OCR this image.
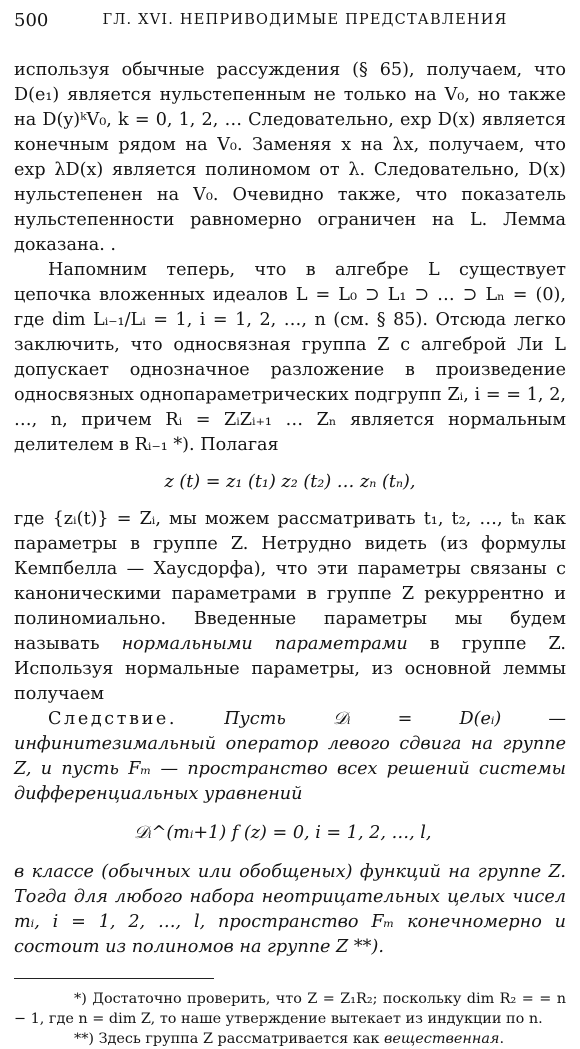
500	ГЛ. XVI. НЕПРИВОДИМЫЕ ПРЕДСТАВЛЕНИЯ

используя обычные рассуждения (§ 65), получаем, что D(e₁) является нульстепенным не только на V₀, но также на D(y)ᵏV₀, k = 0, 1, 2, … Следовательно, exp D(x) является конечным рядом на V₀. Заменяя x на λx, получаем, что exp λD(x) является полиномом от λ. Следовательно, D(x) нульстепенен на V₀. Очевидно также, что показатель нульстепенности равномерно ограничен на L. Лемма доказана. .

Напомним теперь, что в алгебре L существует цепочка вложенных идеалов L = L₀ ⊃ L₁ ⊃ … ⊃ Lₙ = (0), где dim Lᵢ₋₁/Lᵢ = 1, i = 1, 2, …, n (см. § 85). Отсюда легко заключить, что односвязная группа Z с алгеброй Ли L допускает однозначное разложение в произведение односвязных однопараметрических подгрупп Zᵢ, i = = 1, 2, …, n, причем Rᵢ = ZᵢZᵢ₊₁ … Zₙ является нормальным делителем в Rᵢ₋₁ *). Полагая

z (t) = z₁ (t₁) z₂ (t₂) … zₙ (tₙ),

где {zᵢ(t)} = Zᵢ, мы можем рассматривать t₁, t₂, …, tₙ как параметры в группе Z. Нетрудно видеть (из формулы Кемпбелла — Хаусдорфа), что эти параметры связаны с каноническими параметрами в группе Z рекуррентно и полиномиально. Введенные параметры мы будем называть нормальными параметрами в группе Z. Используя нормальные параметры, из основной леммы получаем

Следствие. Пусть 𝒟ᵢ = D(eᵢ) — инфинитезимальный оператор левого сдвига на группе Z, и пусть Fₘ — пространство всех решений системы дифференциальных уравнений

𝒟ᵢ^(mᵢ+1) f (z) = 0, i = 1, 2, …, l,

в классе (обычных или обобщеных) функций на группе Z. Тогда для любого набора неотрицательных целых чисел mᵢ, i = 1, 2, …, l, пространство Fₘ конечномерно и состоит из полиномов на группе Z **).

*) Достаточно проверить, что Z = Z₁R₂; поскольку dim R₂ = = n − 1, где n = dim Z, то наше утверждение вытекает из индукции по n.

**) Здесь группа Z рассматривается как вещественная.
